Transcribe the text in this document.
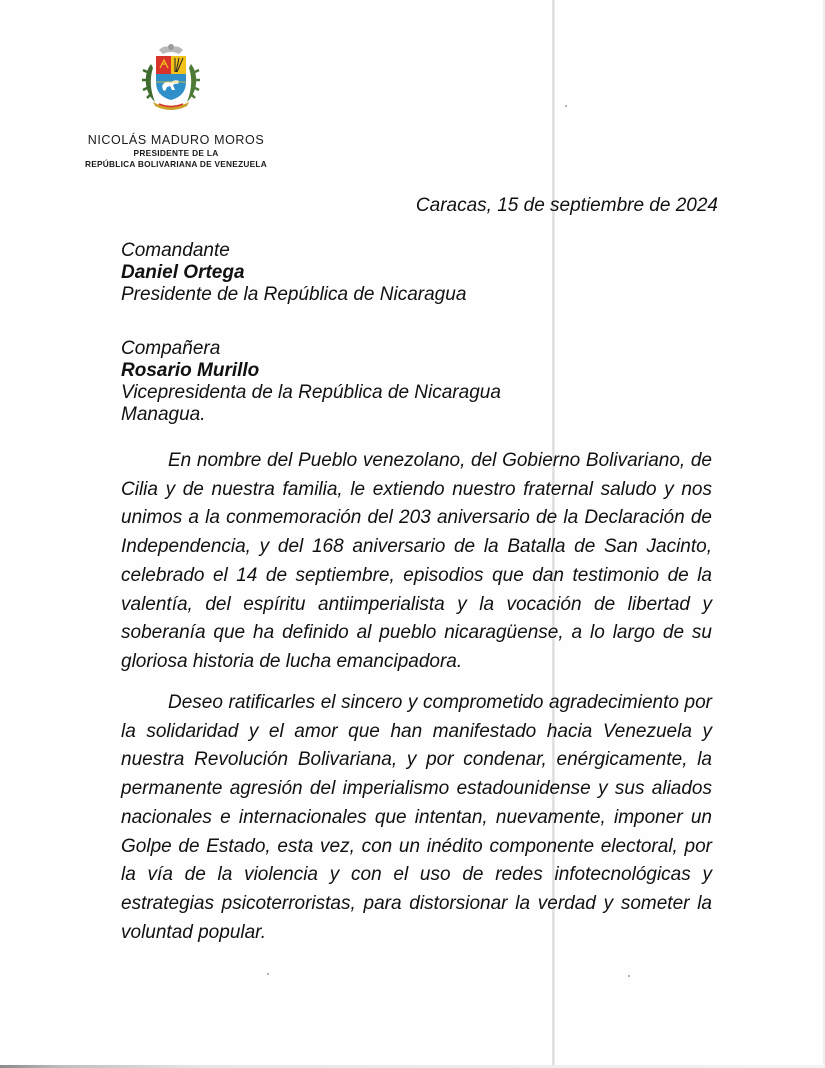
NICOLÁS MADURO MOROS
PRESIDENTE DE LA
REPÚBLICA BOLIVARIANA DE VENEZUELA
Caracas, 15 de septiembre de 2024
Comandante
Daniel Ortega
Presidente de la República de Nicaragua
Compañera
Rosario Murillo
Vicepresidenta de la República de Nicaragua
Managua.

En nombre del Pueblo venezolano, del Gobierno Bolivariano, de Cilia y de nuestra familia, le extiendo nuestro fraternal saludo y nos unimos a la conmemoración del 203 aniversario de la Declaración de Independencia, y del 168 aniversario de la Batalla de San Jacinto, celebrado el 14 de septiembre, episodios que dan testimonio de la valentía, del espíritu antiimperialista y la vocación de libertad y soberanía que ha definido al pueblo nicaragüense, a lo largo de su gloriosa historia de lucha emancipadora.

Deseo ratificarles el sincero y comprometido agradecimiento por la solidaridad y el amor que han manifestado hacia Venezuela y nuestra Revolución Bolivariana, y por condenar, enérgicamente, la permanente agresión del imperialismo estadounidense y sus aliados nacionales e internacionales que intentan, nuevamente, imponer un Golpe de Estado, esta vez, con un inédito componente electoral, por la vía de la violencia y con el uso de redes infotecnológicas y estrategias psicoterroristas, para distorsionar la verdad y someter la voluntad popular.
